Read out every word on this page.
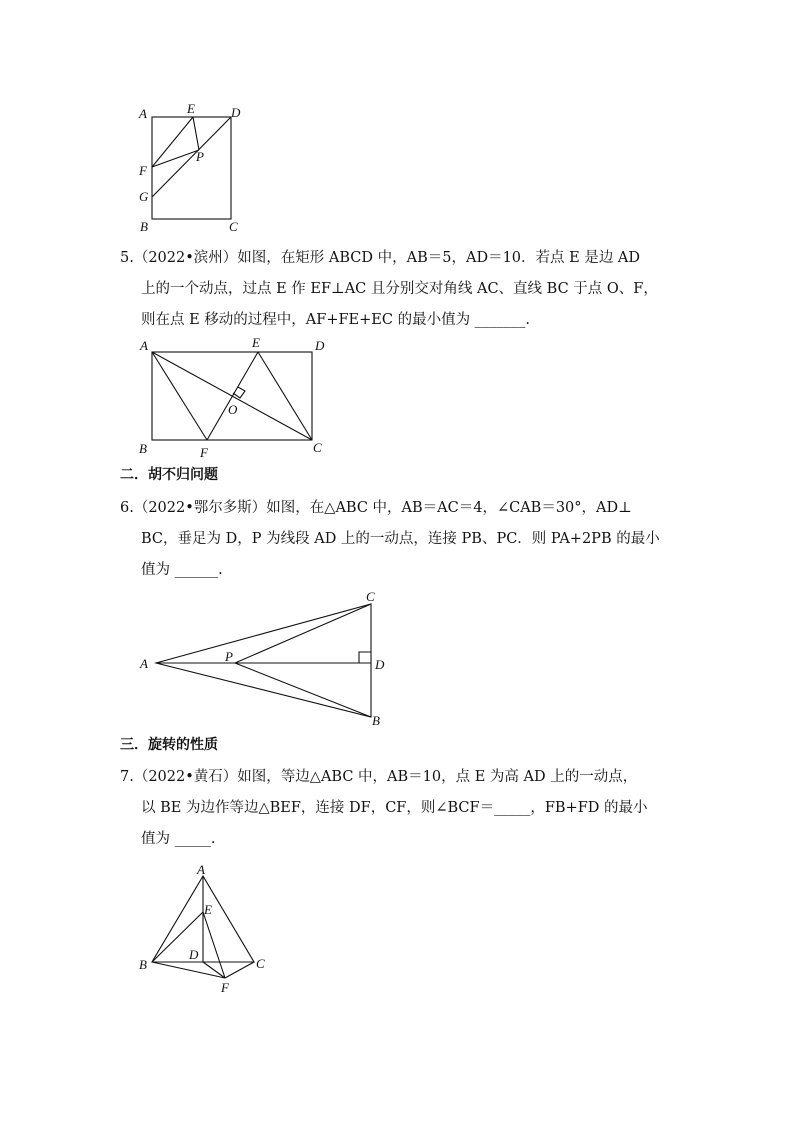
A	E	D
P
F
G
B	C
5.（2022•滨州）如图，在矩形 ABCD 中，AB＝5，AD＝10．若点 E 是边 AD
上的一个动点，过点 E 作 EF⊥AC 且分别交对角线 AC、直线 BC 于点 O、F，
则在点 E 移动的过程中，AF+FE+EC 的最小值为 _______.
A	E	D
O
B	F	C
二．胡不归问题
6.（2022•鄂尔多斯）如图，在△ABC 中，AB＝AC＝4，∠CAB＝30°，AD⊥
BC，垂足为 D，P 为线段 AD 上的一动点，连接 PB、PC．则 PA+2PB 的最小
值为 ______.
A	P
C
D
B
三．旋转的性质
7.（2022•黄石）如图，等边△ABC 中，AB＝10，点 E 为高 AD 上的一动点，
以 BE 为边作等边△BEF，连接 DF，CF，则∠BCF＝_____，FB+FD 的最小
值为 _____.
A
E
D
B	C
F
